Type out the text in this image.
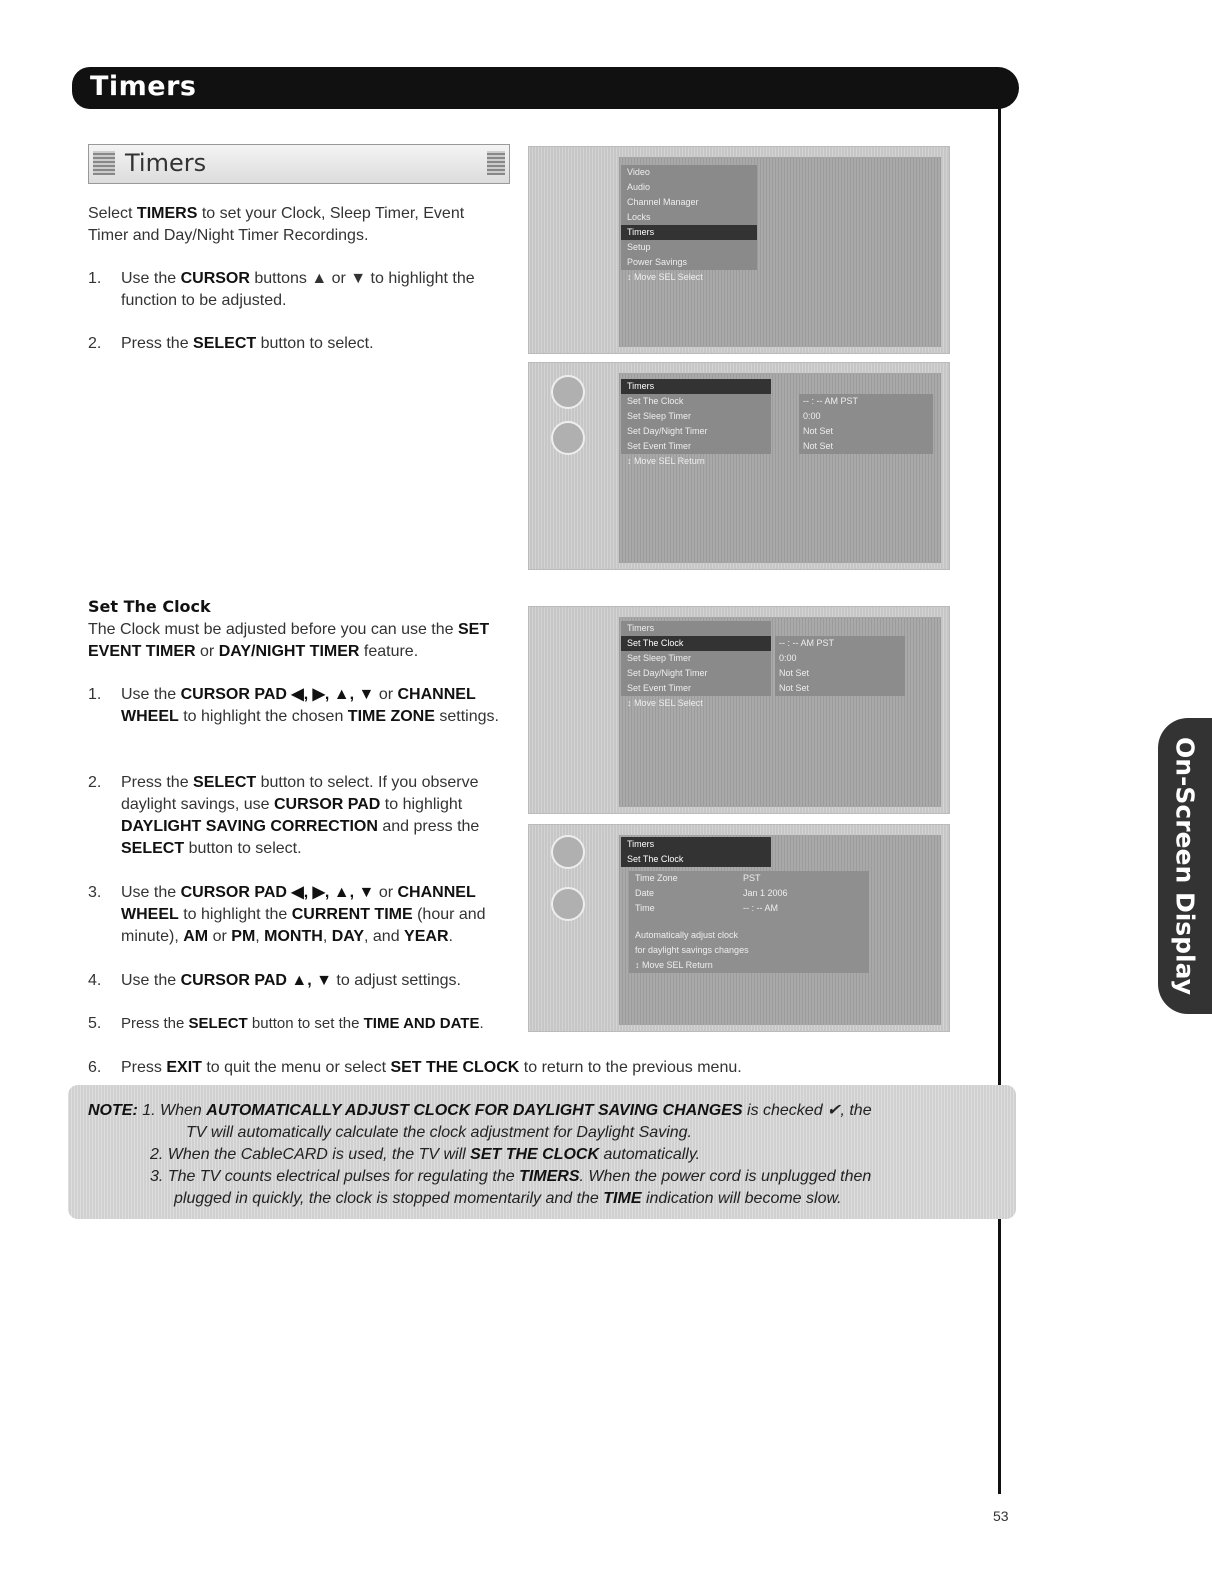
Timers
On-Screen Display
Timers
Select TIMERS to set your Clock, Sleep Timer, Event Timer and Day/Night Timer Recordings.
1. Use the CURSOR buttons ▲ or ▼ to highlight the function to be adjusted.
2. Press the SELECT button to select.
Set The Clock
The Clock must be adjusted before you can use the SET EVENT TIMER or DAY/NIGHT TIMER feature.
1. Use the CURSOR PAD ◀, ▶, ▲, ▼ or CHANNEL WHEEL to highlight the chosen TIME ZONE settings.
2. Press the SELECT button to select. If you observe daylight savings, use CURSOR PAD to highlight DAYLIGHT SAVING CORRECTION and press the SELECT button to select.
3. Use the CURSOR PAD ◀, ▶, ▲, ▼ or CHANNEL WHEEL to highlight the CURRENT TIME (hour and minute), AM or PM, MONTH, DAY, and YEAR.
4. Use the CURSOR PAD ▲, ▼ to adjust settings.
5. Press the SELECT button to set the TIME AND DATE.
6. Press EXIT to quit the menu or select SET THE CLOCK to return to the previous menu.
Video
Audio
Channel Manager
Locks
Timers
Setup
Power Savings
↕ Move SEL Select
Timers
Set The Clock
Set Sleep Timer
Set Day/Night Timer
Set Event Timer
↕ Move SEL Return
-- : -- AM PST
0:00
Not Set
Not Set
Timers
Set The Clock
Set Sleep Timer
Set Day/Night Timer
Set Event Timer
↕ Move SEL Select
-- : -- AM PST
0:00
Not Set
Not Set
Timers
Set The Clock
Time Zone
Date
Time
Automatically adjust clock
for daylight savings changes
↕ Move SEL Return
PST
Jan 1 2006
-- : -- AM
NOTE: 1. When AUTOMATICALLY ADJUST CLOCK FOR DAYLIGHT SAVING CHANGES is checked ✔, the
TV will automatically calculate the clock adjustment for Daylight Saving.
2. When the CableCARD is used, the TV will SET THE CLOCK automatically.
3. The TV counts electrical pulses for regulating the TIMERS. When the power cord is unplugged then
plugged in quickly, the clock is stopped momentarily and the TIME indication will become slow.
53
